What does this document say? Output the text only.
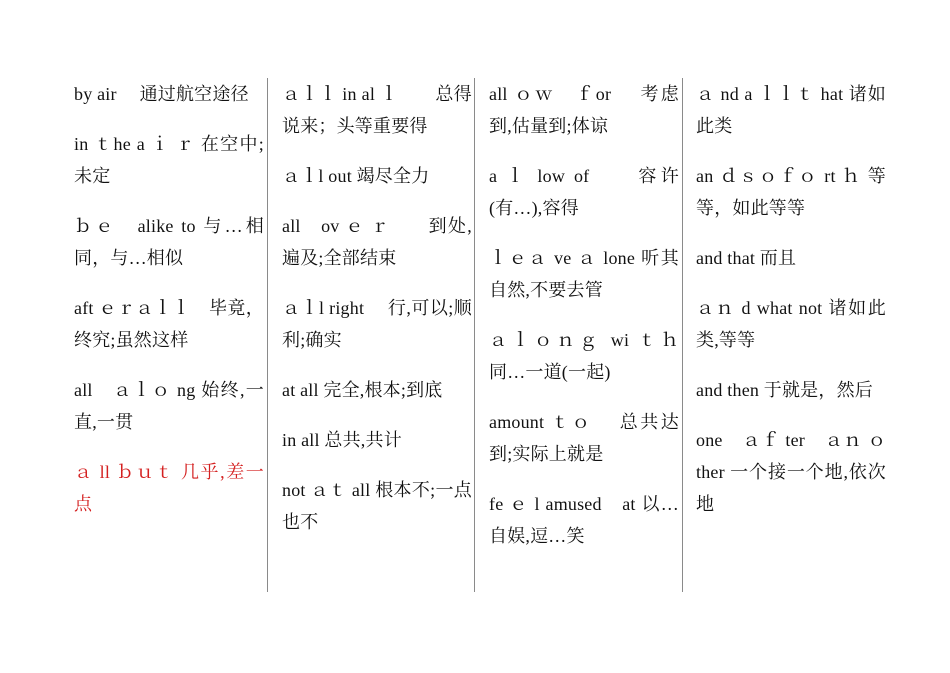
by air　 通过航空途径

in ｔhe a ｉ ｒ 在空中;未定

ｂｅ　alike to 与…相同，与…相似

aft ｅｒａｌｌ　毕竟，终究;虽然这样

all　ａｌｏ ng 始终,一直,一贯

ａ ll ｂｕｔ 几乎,差一点

ａｌｌ in al ｌ　　总得说来；头等重要得

ａｌl out 竭尽全力

all　ov ｅ ｒ　　到处,遍及;全部结束

ａｌl right　 行,可以;顺利;确实

at all 完全,根本;到底

in all 总共,共计

not ａｔ all 根本不;一点也不

all ｏｗ　ｆor　 考虑到,估量到;体谅

a ｌ low of　　容许(有…),容得

ｌｅａ ve ａ lone 听其自然,不要去管

ａｌｏｎｇ wi ｔｈ 同…一道(一起)

amount ｔｏ　 总共达到;实际上就是

fe ｅ l amused　at 以…自娱,逗…笑

ａ nd a ｌｌｔ hat 诸如此类

an ｄｓｏｆｏ rt ｈ 等等，如此等等

and that 而且

ａｎ d what not 诸如此类,等等

and then 于就是，然后

one　ａｆ ter　ａｎ ｏ ther 一个接一个地,依次地
